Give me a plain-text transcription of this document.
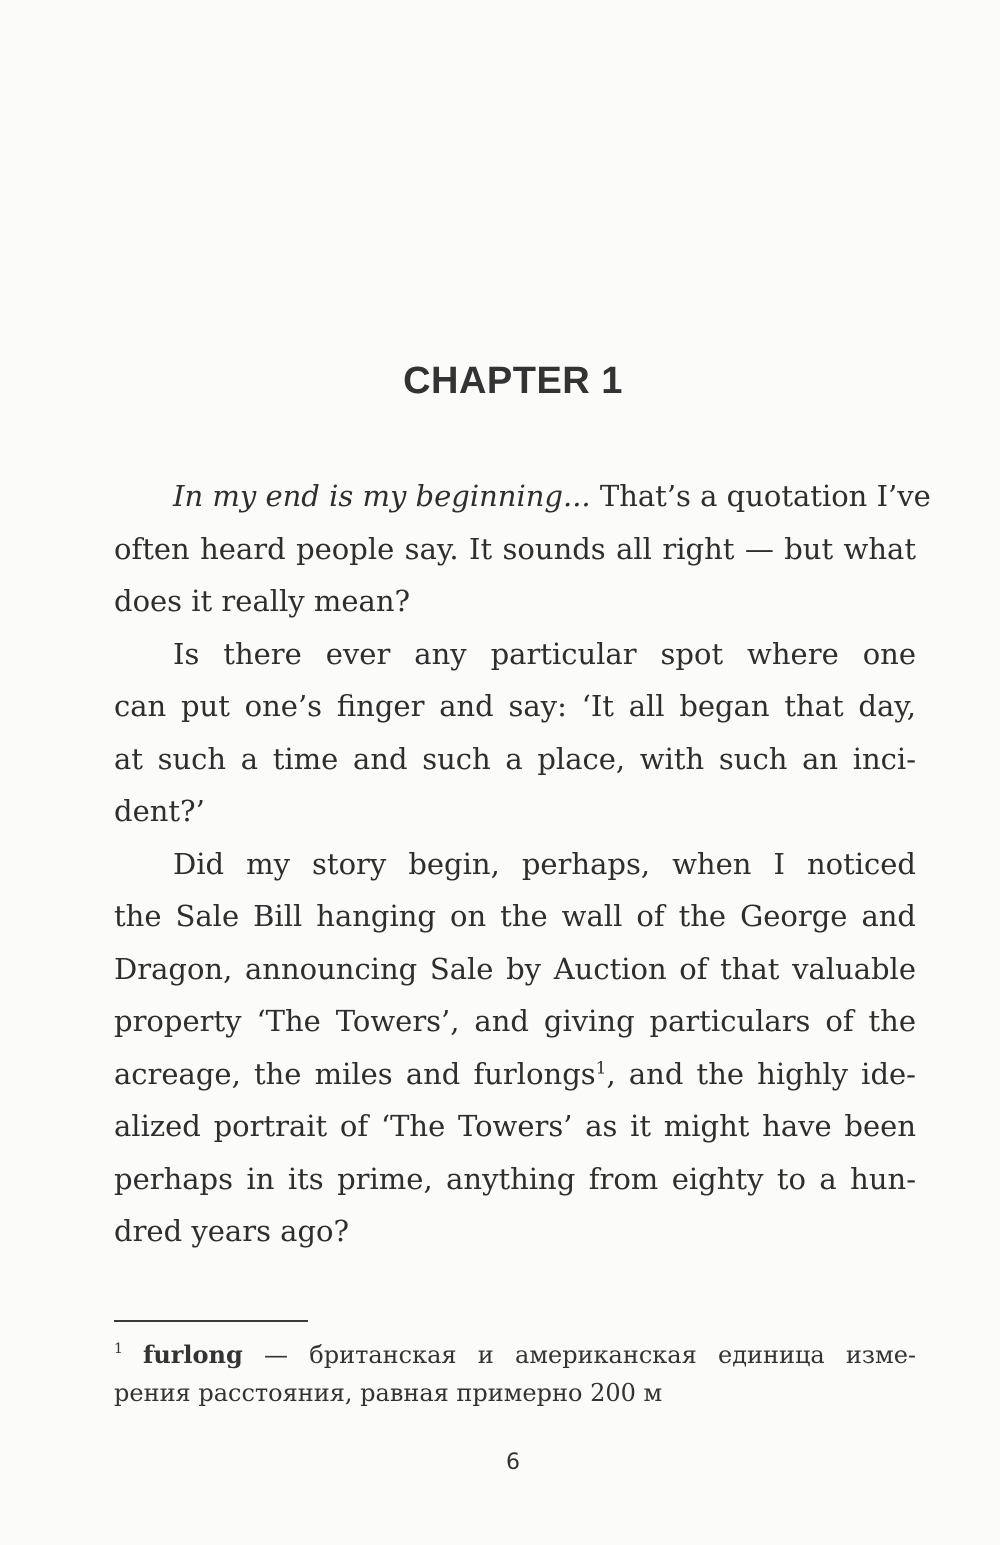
CHAPTER 1

In my end is my beginning... That’s a quotation I’ve
often heard people say. It sounds all right — but what
does it really mean?

Is there ever any particular spot where one
can put one’s finger and say: ‘It all began that day,
at such a time and such a place, with such an inci-
dent?’

Did my story begin, perhaps, when I noticed
the Sale Bill hanging on the wall of the George and
Dragon, announcing Sale by Auction of that valuable
property ‘The Towers’, and giving particulars of the
acreage, the miles and furlongs$^1$, and the highly ide-
alized portrait of ‘The Towers’ as it might have been
perhaps in its prime, anything from eighty to a hun-
dred years ago?

1 furlong — британская и американская единица изме-
рения расстояния, равная примерно 200 м
6
